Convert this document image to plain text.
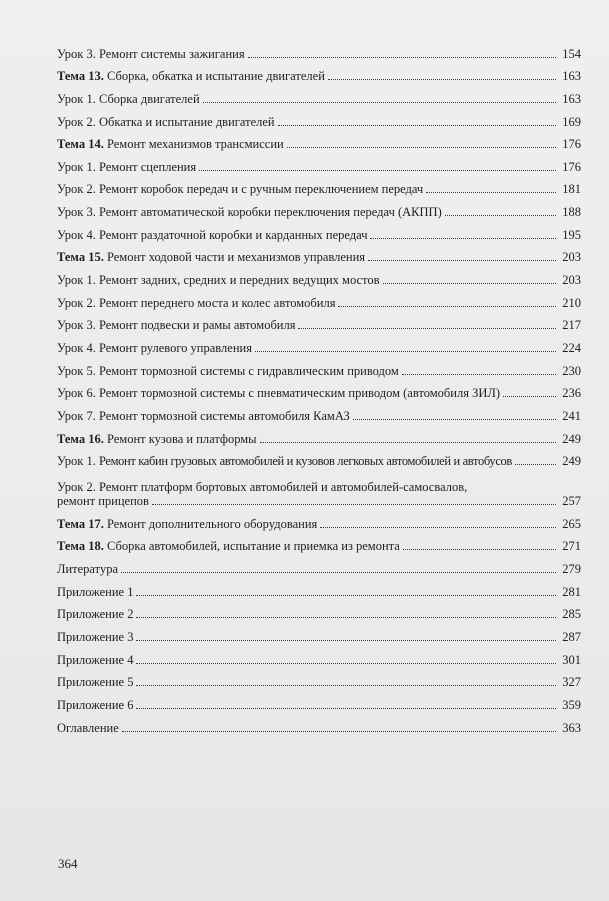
Урок 3. Ремонт системы зажигания	154
Тема 13. Сборка, обкатка и испытание двигателей	163
Урок 1. Сборка двигателей	163
Урок 2. Обкатка и испытание двигателей	169
Тема 14. Ремонт механизмов трансмиссии	176
Урок 1. Ремонт сцепления	176
Урок 2. Ремонт коробок передач и с ручным переключением передач	181
Урок 3. Ремонт автоматической коробки переключения передач (АКПП)	188
Урок 4. Ремонт раздаточной коробки и карданных передач	195
Тема 15. Ремонт ходовой части и механизмов управления	203
Урок 1. Ремонт задних, средних и передних ведущих мостов	203
Урок 2. Ремонт переднего моста и колес автомобиля	210
Урок 3. Ремонт подвески и рамы автомобиля	217
Урок 4. Ремонт рулевого управления	224
Урок 5. Ремонт тормозной системы с гидравлическим приводом	230
Урок 6. Ремонт тормозной системы с пневматическим приводом (автомобиля ЗИЛ)	236
Урок 7. Ремонт тормозной системы автомобиля КамАЗ	241
Тема 16. Ремонт кузова и платформы	249
Урок 1. Ремонт кабин грузовых автомобилей и кузовов легковых автомобилей и автобусов	249
Урок 2. Ремонт платформ бортовых автомобилей и автомобилей-самосвалов,
ремонт прицепов	257
Тема 17. Ремонт дополнительного оборудования	265
Тема 18. Сборка автомобилей, испытание и приемка из ремонта	271
Литература	279
Приложение 1	281
Приложение 2	285
Приложение 3	287
Приложение 4	301
Приложение 5	327
Приложение 6	359
Оглавление	363
364
